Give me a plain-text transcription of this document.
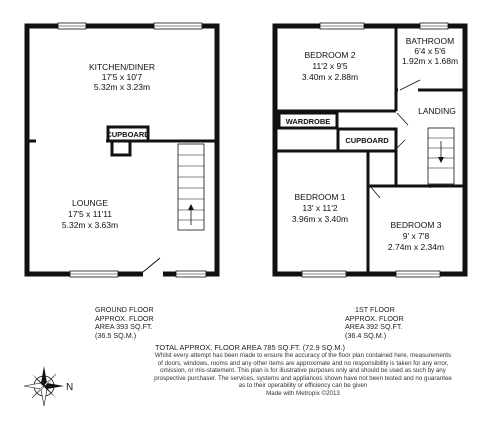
CUPBOARD
KITCHEN/DINER
17'5 x 10'7
5.32m x 3.23m
LOUNGE
17'5 x 11'11
5.32m x 3.63m
WARDROBE
CUPBOARD
BEDROOM 2
11'2 x 9'5
3.40m x 2.88m
BATHROOM
6'4 x 5'6
1.92m x 1.68m
LANDING
BEDROOM 1
13' x 11'2
3.96m x 3.40m
BEDROOM 3
9' x 7'8
2.74m x 2.34m
GROUND FLOOR
APPROX. FLOOR
AREA 393 SQ.FT.
(36.5 SQ.M.)
1ST FLOOR
APPROX. FLOOR
AREA 392 SQ.FT.
(36.4 SQ.M.)
TOTAL APPROX. FLOOR AREA 785 SQ.FT. (72.9 SQ.M.)
Whilst every attempt has been made to ensure the accuracy of the floor plan contained here, measurements
of doors, windows, rooms and any other items are approximate and no responsibility is taken for any error,
omission, or mis-statement. This plan is for illustrative purposes only and should be used as such by any
prospective purchaser. The services, systems and appliances shown have not been tested and no guarantee
as to their operability or efficiency can be given
Made with Metropix ©2013
N
